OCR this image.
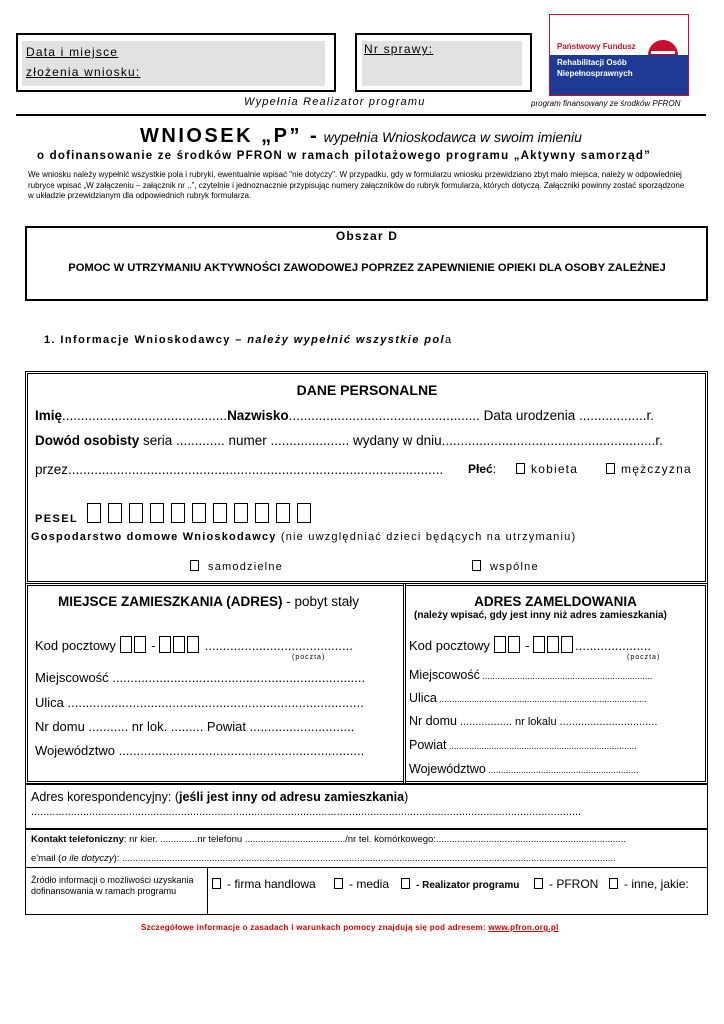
Data i miejsce
złożenia wniosku:
Nr sprawy:
Wypełnia Realizator programu
Państwowy Fundusz
Rehabilitacji Osób
Niepełnosprawnych
program finansowany ze środków PFRON
WNIOSEK „P” - wypełnia Wnioskodawca w swoim imieniu
o dofinansowanie ze środków PFRON w ramach pilotażowego programu „Aktywny samorząd”
We wniosku należy wypełnić wszystkie pola i rubryki, ewentualnie wpisać "nie dotyczy". W przypadku, gdy w formularzu wniosku przewidziano zbyt mało miejsca, należy w odpowiedniej rubryce wpisać „W załączeniu – załącznik nr ..”, czytelnie i jednoznacznie przypisując numery załączników do rubryk formularza, których dotyczą. Załączniki powinny zostać sporządzone w układzie przewidzianym dla odpowiednich rubryk formularza.
Obszar D
POMOC W UTRZYMANIU AKTYWNOŚCI ZAWODOWEJ POPRZEZ ZAPEWNIENIE OPIEKI DLA OSOBY ZALEŻNEJ
1. Informacje Wnioskodawcy – należy wypełnić wszystkie pola
DANE PERSONALNE
Imię............................................Nazwisko................................................... Data urodzenia ..................r.
Dowód osobisty seria ............. numer ..................... wydany w dniu.........................................................r.
przez.................................................................................................... Płeć:	kobieta	mężczyzna
PESEL
Gospodarstwo domowe Wnioskodawcy (nie uwzględniać dzieci będących na utrzymaniu)
samodzielne	wspólne
MIEJSCE ZAMIESZKANIA (ADRES) - pobyt stały
Kod pocztowy  -	.........................................
(poczta)
Miejscowość ......................................................................
Ulica ..................................................................................
Nr domu ........... nr lok. ......... Powiat .............................
Województwo ....................................................................
ADRES ZAMELDOWANIA
(należy wpisać, gdy jest inny niż adres zamieszkania)
Kod pocztowy  -	.....................
(poczta)
Miejscowość ....................................................................
Ulica ...................................................................................
Nr domu ................. nr lokalu ................................
Powiat ...........................................................................
Województwo ............................................................
Adres korespondencyjny: (jeśli jest inny od adresu zamieszkania)
....................................................................................................................................................................................
Kontakt telefoniczny: nr kier. ..............nr telefonu ....................................../nr tel. komórkowego:........................................................................
e'mail (o ile dotyczy): ...........................................................................................................................................................................................
Źródło informacji o możliwości uzyskania dofinansowania w ramach programu	- firma handlowa	- media	- Realizator programu	- PFRON	- inne, jakie:
Szczegółowe informacje o zasadach i warunkach pomocy znajdują się pod adresem: www.pfron.org.pl
